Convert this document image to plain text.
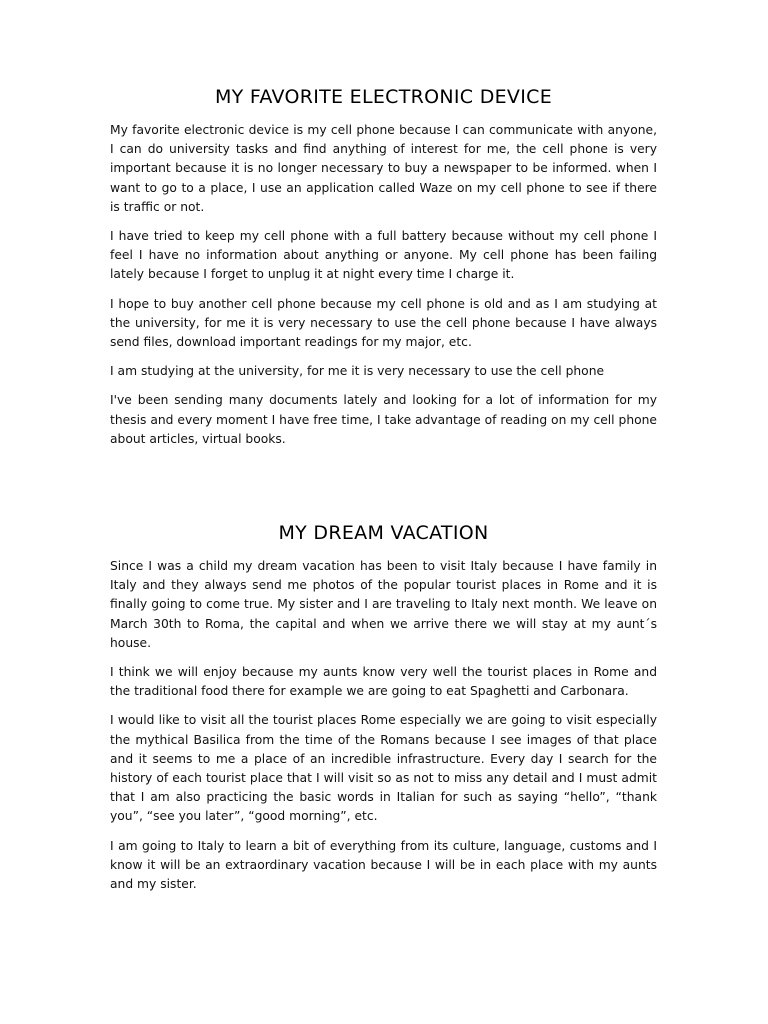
MY FAVORITE ELECTRONIC DEVICE

My favorite electronic device is my cell phone because I can communicate with anyone, I can do university tasks and find anything of interest for me, the cell phone is very important because it is no longer necessary to buy a newspaper to be informed. when I want to go to a place, I use an application called Waze on my cell phone to see if there is traffic or not.

I have tried to keep my cell phone with a full battery because without my cell phone I feel I have no information about anything or anyone. My cell phone has been failing lately because I forget to unplug it at night every time I charge it.

I hope to buy another cell phone because my cell phone is old and as I am studying at the university, for me it is very necessary to use the cell phone because I have always send files, download important readings for my major, etc.

I am studying at the university, for me it is very necessary to use the cell phone

I've been sending many documents lately and looking for a lot of information for my thesis and every moment I have free time, I take advantage of reading on my cell phone about articles, virtual books.

MY DREAM VACATION

Since I was a child my dream vacation has been to visit Italy because I have family in Italy and they always send me photos of the popular tourist places in Rome and it is finally going to come true. My sister and I are traveling to Italy next month. We leave on March 30th to Roma, the capital and when we arrive there we will stay at my aunt´s house.

I think we will enjoy because my aunts know very well the tourist places in Rome and the traditional food there for example we are going to eat Spaghetti and Carbonara.

I would like to visit all the tourist places Rome especially we are going to visit especially the mythical Basilica from the time of the Romans because I see images of that place and it seems to me a place of an incredible infrastructure. Every day I search for the history of each tourist place that I will visit so as not to miss any detail and I must admit that I am also practicing the basic words in Italian for such as saying “hello”, “thank you”, “see you later”, “good morning”, etc.

I am going to Italy to learn a bit of everything from its culture, language, customs and I know it will be an extraordinary vacation because I will be in each place with my aunts and my sister.
